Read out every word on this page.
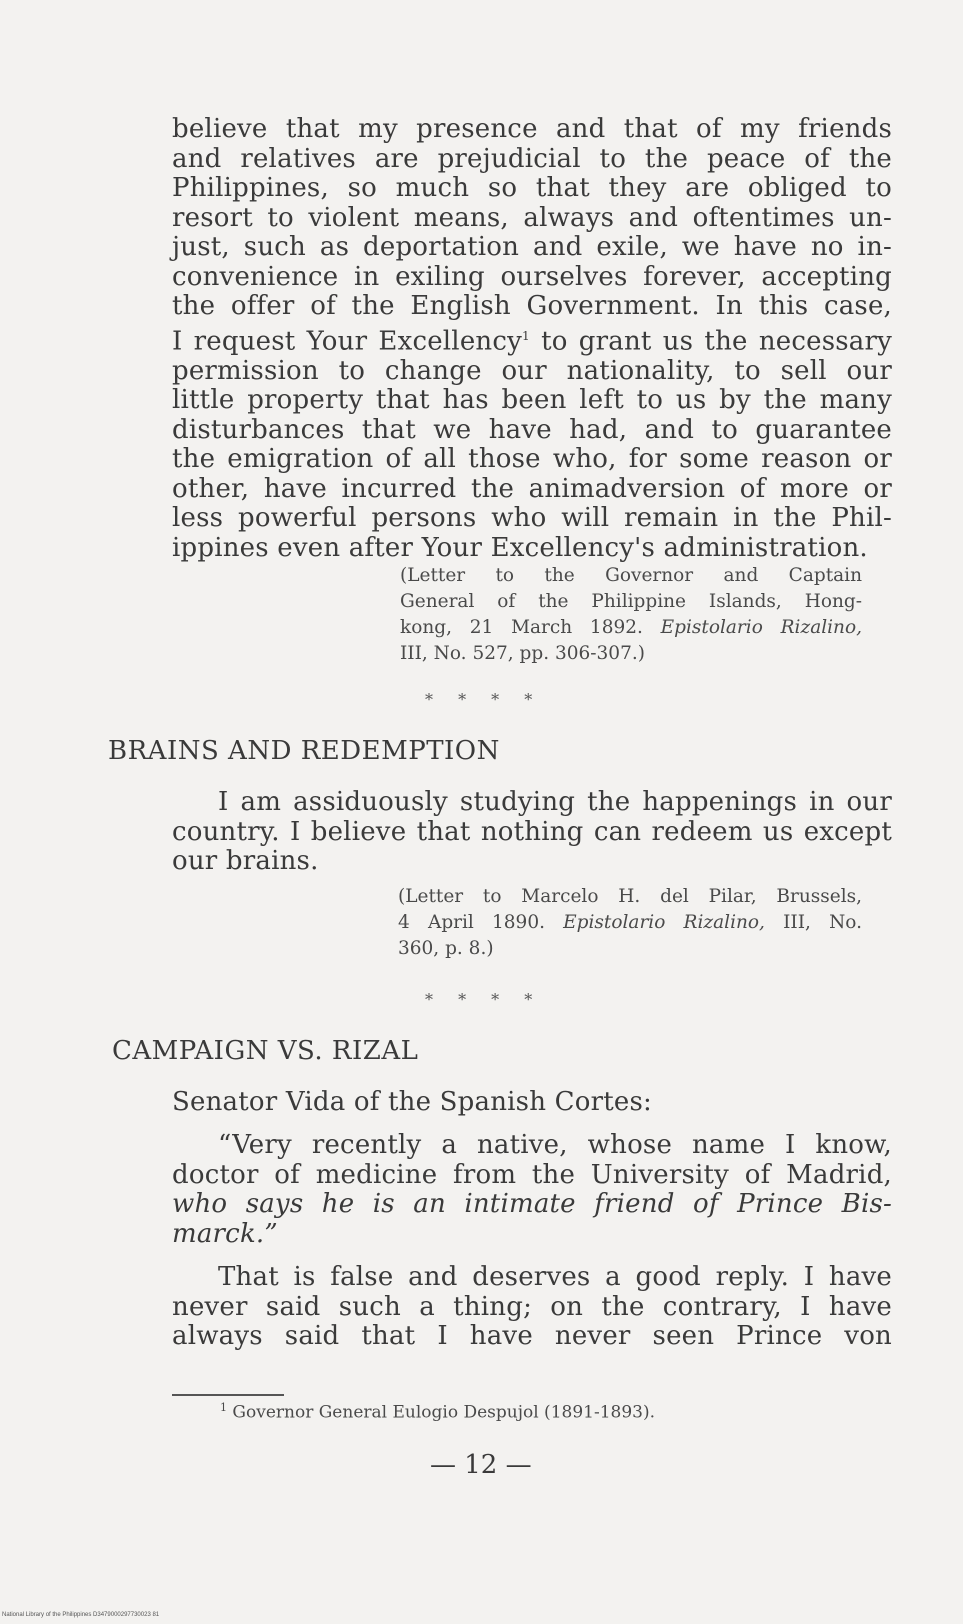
believe that my presence and that of my friends
and relatives are prejudicial to the peace of the
Philippines, so much so that they are obliged to
resort to violent means, always and oftentimes un-
just, such as deportation and exile, we have no in-
convenience in exiling ourselves forever, accepting
the offer of the English Government. In this case,
I request Your Excellency$^1$ to grant us the necessary
permission to change our nationality, to sell our
little property that has been left to us by the many
disturbances that we have had, and to guarantee
the emigration of all those who, for some reason or
other, have incurred the animadversion of more or
less powerful persons who will remain in the Phil-
ippines even after Your Excellency's administration.
(Letter to the Governor and Captain
General of the Philippine Islands, Hong-
kong, 21 March 1892. Epistolario Rizalino,
III, No. 527, pp. 306-307.)
* * * *
BRAINS AND REDEMPTION
I am assiduously studying the happenings in our
country. I believe that nothing can redeem us except
our brains.
(Letter to Marcelo H. del Pilar, Brussels,
4 April 1890. Epistolario Rizalino, III, No.
360, p. 8.)
* * * *
CAMPAIGN VS. RIZAL
Senator Vida of the Spanish Cortes:
“Very recently a native, whose name I know,
doctor of medicine from the University of Madrid,
who says he is an intimate friend of Prince Bis-
marck.”
That is false and deserves a good reply. I have
never said such a thing; on the contrary, I have
always said that I have never seen Prince von
$^1$ Governor General Eulogio Despujol (1891-1893).
— 12 —
National Library of the Philippines D3479000297730023 81
